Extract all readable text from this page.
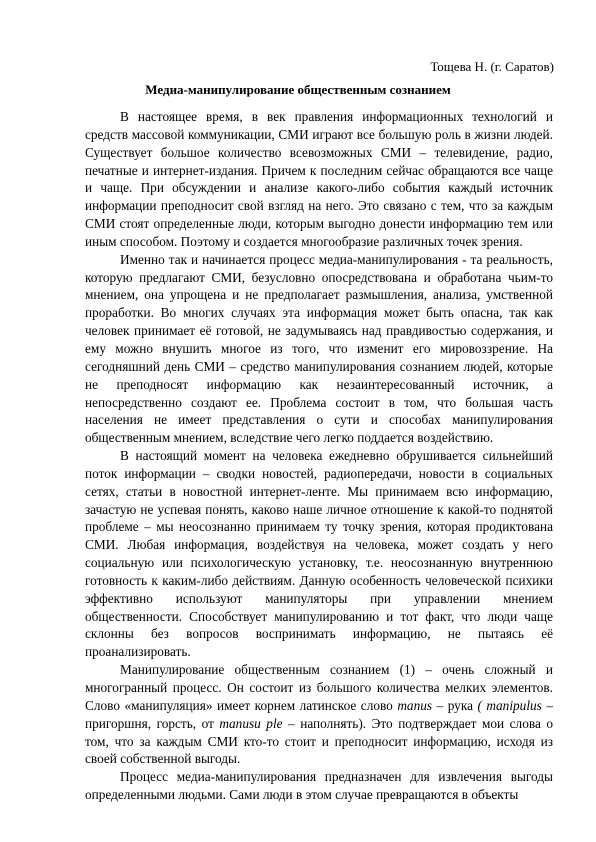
Тощева Н. (г. Саратов)
Медиа-манипулирование общественным сознанием

В настоящее время, в век правления информационных технологий и средств массовой коммуникации, СМИ играют все большую роль в жизни людей. Существует большое количество всевозможных СМИ – телевидение, радио, печатные и интернет-издания. Причем к последним сейчас обращаются все чаще и чаще. При обсуждении и анализе какого-либо события каждый источник информации преподносит свой взгляд на него. Это связано с тем, что за каждым СМИ стоят определенные люди, которым выгодно донести информацию тем или иным способом. Поэтому и создается многообразие различных точек зрения.

Именно так и начинается процесс медиа-манипулирования - та реальность, которую предлагают СМИ, безусловно опосредствована и обработана чьим-то мнением, она упрощена и не предполагает размышления, анализа, умственной проработки. Во многих случаях эта информация может быть опасна, так как человек принимает её готовой, не задумываясь над правдивостью содержания, и ему можно внушить многое из того, что изменит его мировоззрение. На сегодняшний день СМИ – средство манипулирования сознанием людей, которые не преподносят информацию как незаинтересованный источник, а непосредственно создают ее. Проблема состоит в том, что большая часть населения не имеет представления о сути и способах манипулирования общественным мнением, вследствие чего легко поддается воздействию.

В настоящий момент на человека ежедневно обрушивается сильнейший поток информации – сводки новостей, радиопередачи, новости в социальных сетях, статьи в новостной интернет-ленте. Мы принимаем всю информацию, зачастую не успевая понять, каково наше личное отношение к какой-то поднятой проблеме – мы неосознанно принимаем ту точку зрения, которая продиктована СМИ. Любая информация, воздействуя на человека, может создать у него социальную или психологическую установку, т.е. неосознанную внутреннюю готовность к каким-либо действиям. Данную особенность человеческой психики эффективно используют манипуляторы при управлении мнением общественности. Способствует манипулированию и тот факт, что люди чаще склонны без вопросов воспринимать информацию, не пытаясь её проанализировать.

Манипулирование общественным сознанием (1) – очень сложный и многогранный процесс. Он состоит из большого количества мелких элементов. Слово «манипуляция» имеет корнем латинское слово manus – рука ( manipulus – пригоршня, горсть, от manusu ple – наполнять). Это подтверждает мои слова о том, что за каждым СМИ кто-то стоит и преподносит информацию, исходя из своей собственной выгоды.

Процесс медиа-манипулирования предназначен для извлечения выгоды определенными людьми. Сами люди в этом случае превращаются в объекты
